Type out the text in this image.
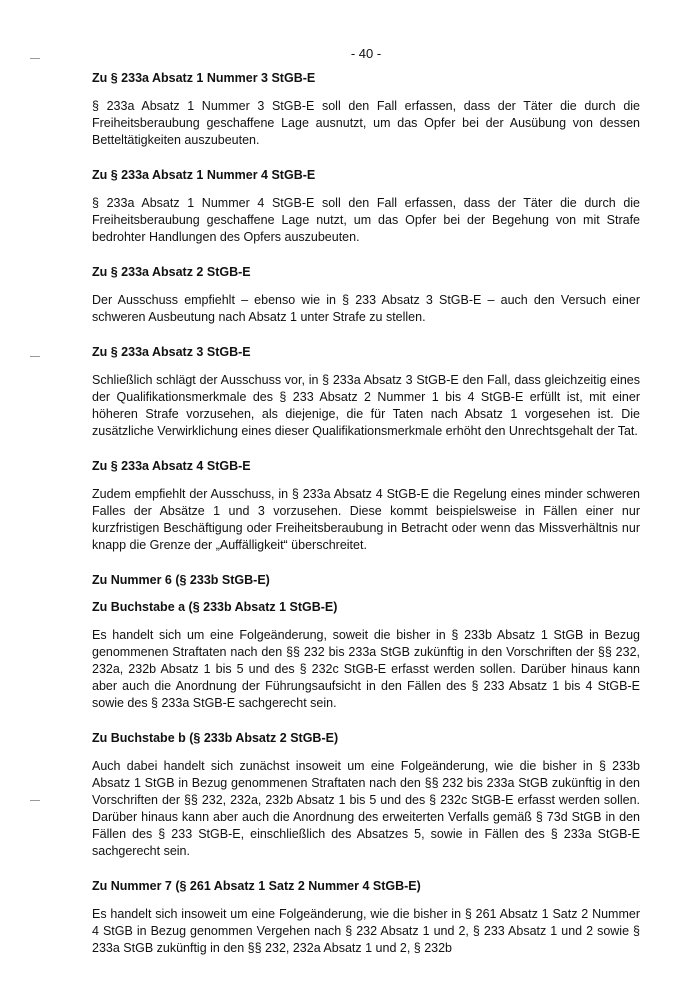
- 40 -
Zu § 233a Absatz 1 Nummer 3 StGB-E

§ 233a Absatz 1 Nummer 3 StGB-E soll den Fall erfassen, dass der Täter die durch die Freiheitsberaubung geschaffene Lage ausnutzt, um das Opfer bei der Ausübung von dessen Betteltätigkeiten auszubeuten.

Zu § 233a Absatz 1 Nummer 4 StGB-E

§ 233a Absatz 1 Nummer 4 StGB-E soll den Fall erfassen, dass der Täter die durch die Freiheitsberaubung geschaffene Lage nutzt, um das Opfer bei der Begehung von mit Strafe bedrohter Handlungen des Opfers auszubeuten.

Zu § 233a Absatz 2 StGB-E

Der Ausschuss empfiehlt – ebenso wie in § 233 Absatz 3 StGB-E – auch den Versuch einer schweren Ausbeutung nach Absatz 1 unter Strafe zu stellen.

Zu § 233a Absatz 3 StGB-E

Schließlich schlägt der Ausschuss vor, in § 233a Absatz 3 StGB-E den Fall, dass gleichzeitig eines der Qualifikationsmerkmale des § 233 Absatz 2 Nummer 1 bis 4 StGB-E erfüllt ist, mit einer höheren Strafe vorzusehen, als diejenige, die für Taten nach Absatz 1 vorgesehen ist. Die zusätzliche Verwirklichung eines dieser Qualifikationsmerkmale erhöht den Unrechtsgehalt der Tat.

Zu § 233a Absatz 4 StGB-E

Zudem empfiehlt der Ausschuss, in § 233a Absatz 4 StGB-E die Regelung eines minder schweren Falles der Absätze 1 und 3 vorzusehen. Diese kommt beispielsweise in Fällen einer nur kurzfristigen Beschäftigung oder Freiheitsberaubung in Betracht oder wenn das Missverhältnis nur knapp die Grenze der „Auffälligkeit“ überschreitet.

Zu Nummer 6 (§ 233b StGB-E)
Zu Buchstabe a (§ 233b Absatz 1 StGB-E)

Es handelt sich um eine Folgeänderung, soweit die bisher in § 233b Absatz 1 StGB in Bezug genommenen Straftaten nach den §§ 232 bis 233a StGB zukünftig in den Vorschriften der §§ 232, 232a, 232b Absatz 1 bis 5 und des § 232c StGB-E erfasst werden sollen. Darüber hinaus kann aber auch die Anordnung der Führungsaufsicht in den Fällen des § 233 Absatz 1 bis 4 StGB-E sowie des § 233a StGB-E sachgerecht sein.

Zu Buchstabe b (§ 233b Absatz 2 StGB-E)

Auch dabei handelt sich zunächst insoweit um eine Folgeänderung, wie die bisher in § 233b Absatz 1 StGB in Bezug genommenen Straftaten nach den §§ 232 bis 233a StGB zukünftig in den Vorschriften der §§ 232, 232a, 232b Absatz 1 bis 5 und des § 232c StGB-E erfasst werden sollen. Darüber hinaus kann aber auch die Anordnung des erweiterten Verfalls gemäß § 73d StGB in den Fällen des § 233 StGB-E, einschließlich des Absatzes 5, sowie in Fällen des § 233a StGB-E sachgerecht sein.

Zu Nummer 7 (§ 261 Absatz 1 Satz 2 Nummer 4 StGB-E)

Es handelt sich insoweit um eine Folgeänderung, wie die bisher in § 261 Absatz 1 Satz 2 Nummer 4 StGB in Bezug genommen Vergehen nach § 232 Absatz 1 und 2, § 233 Absatz 1 und 2 sowie § 233a StGB zukünftig in den §§ 232, 232a Absatz 1 und 2, § 232b
